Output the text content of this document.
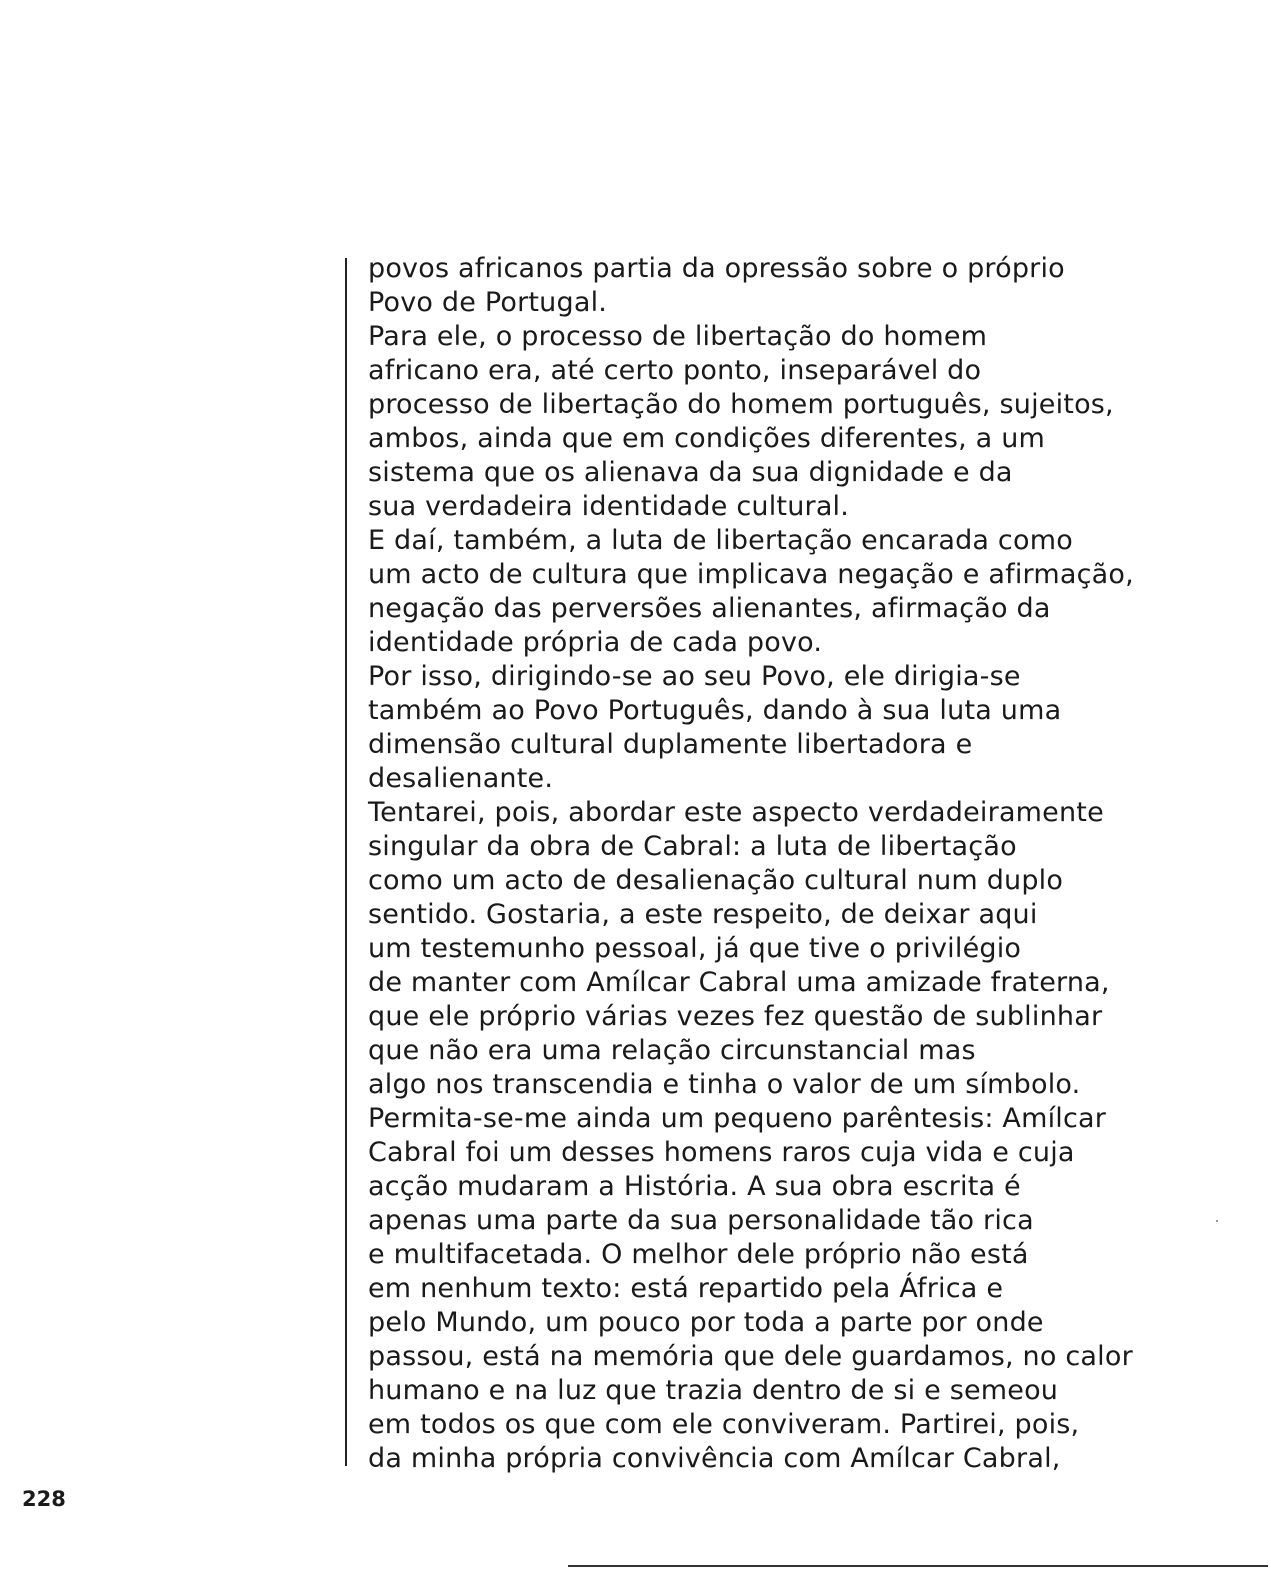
povos africanos partia da opressão sobre o próprio
Povo de Portugal.
Para ele, o processo de libertação do homem
africano era, até certo ponto, inseparável do
processo de libertação do homem português, sujeitos,
ambos, ainda que em condições diferentes, a um
sistema que os alienava da sua dignidade e da
sua verdadeira identidade cultural.
E daí, também, a luta de libertação encarada como
um acto de cultura que implicava negação e afirmação,
negação das perversões alienantes, afirmação da
identidade própria de cada povo.
Por isso, dirigindo-se ao seu Povo, ele dirigia-se
também ao Povo Português, dando à sua luta uma
dimensão cultural duplamente libertadora e
desalienante.
Tentarei, pois, abordar este aspecto verdadeiramente
singular da obra de Cabral: a luta de libertação
como um acto de desalienação cultural num duplo
sentido. Gostaria, a este respeito, de deixar aqui
um testemunho pessoal, já que tive o privilégio
de manter com Amílcar Cabral uma amizade fraterna,
que ele próprio várias vezes fez questão de sublinhar
que não era uma relação circunstancial mas
algo nos transcendia e tinha o valor de um símbolo.
Permita-se-me ainda um pequeno parêntesis: Amílcar
Cabral foi um desses homens raros cuja vida e cuja
acção mudaram a História. A sua obra escrita é
apenas uma parte da sua personalidade tão rica
e multifacetada. O melhor dele próprio não está
em nenhum texto: está repartido pela África e
pelo Mundo, um pouco por toda a parte por onde
passou, está na memória que dele guardamos, no calor
humano e na luz que trazia dentro de si e semeou
em todos os que com ele conviveram. Partirei, pois,
da minha própria convivência com Amílcar Cabral,
228
